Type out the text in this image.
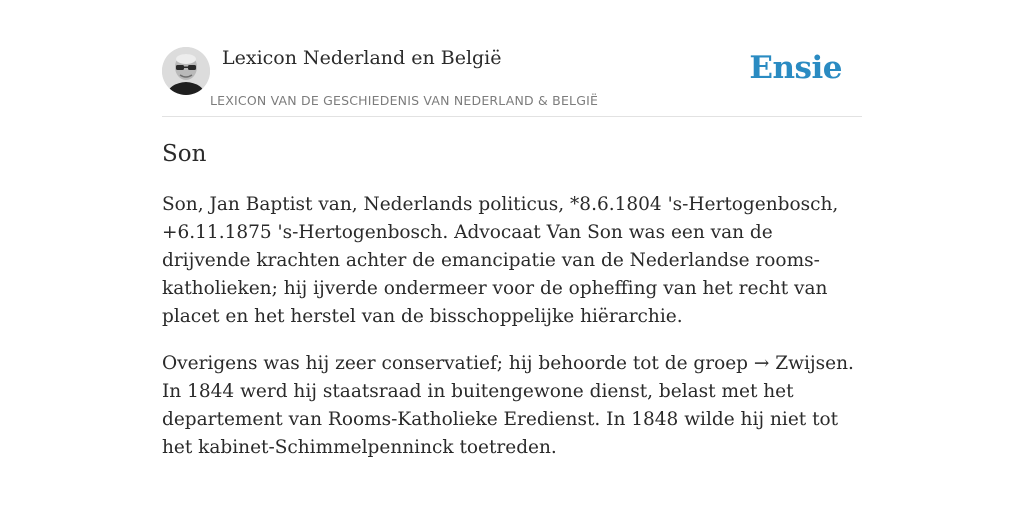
Lexicon Nederland en België
LEXICON VAN DE GESCHIEDENIS VAN NEDERLAND & BELGIË
Ensie
Son

Son, Jan Baptist van, Nederlands politicus, *8.6.1804 's-Hertogenbosch, +6.11.1875 's-Hertogenbosch. Advocaat Van Son was een van de drijvende krachten achter de emancipatie van de Nederlandse rooms-katholieken; hij ijverde ondermeer voor de opheffing van het recht van placet en het herstel van de bisschoppelijke hiërarchie.

Overigens was hij zeer conservatief; hij behoorde tot de groep → Zwijsen. In 1844 werd hij staatsraad in buitengewone dienst, belast met het departement van Rooms-Katholieke Eredienst. In 1848 wilde hij niet tot het kabinet-Schimmelpenninck toetreden.
